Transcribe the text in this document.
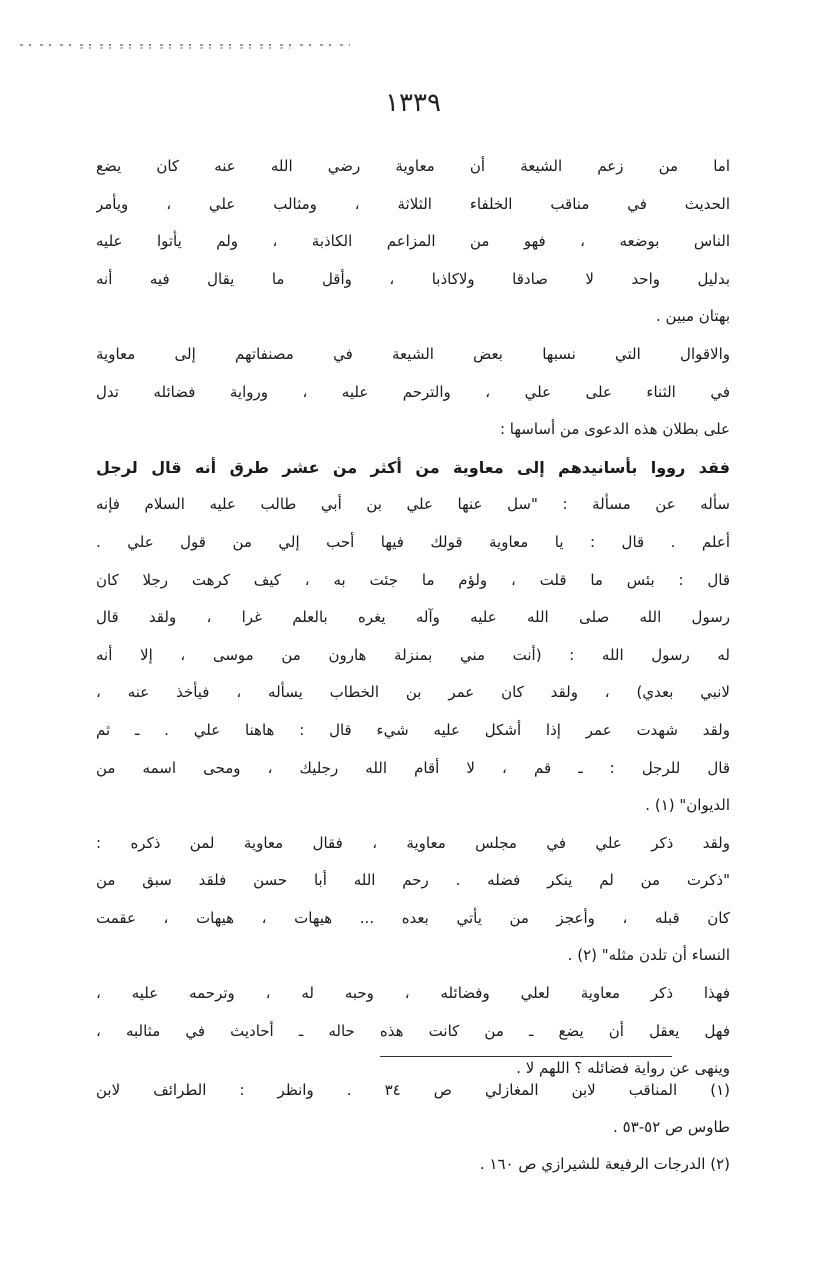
١٣٣٩
اما من زعم الشيعة أن معاوية رضي الله عنه كان يضع
الحديث في مناقب الخلفاء الثلاثة ، ومثالب علي ، ويأمر
الناس بوضعه ، فهو من المزاعم الكاذبة ، ولم يأتوا عليه
بدليل واحد لا صادقا ولاكاذبا ، وأقل ما يقال فيه أنه
بهتان مبين .
والاقوال التي نسبها بعض الشيعة في مصنفاتهم إلى معاوية
في الثناء على علي ، والترحم عليه ، ورواية فضائله تدل
على بطلان هذه الدعوى من أساسها :
فقد رووا بأسانيدهم إلى معاوية من أكثر من عشر طرق أنه قال لرجل
سأله عن مسألة : "سل عنها علي بن أبي طالب عليه السلام فإنه
أعلم . قال : يا معاوية قولك فيها أحب إلي من قول علي .
قال : بئس ما قلت ، ولؤم ما جئت به ، كيف كرهت رجلا كان
رسول الله صلى الله عليه وآله يغره بالعلم غرا ، ولقد قال
له رسول الله : (أنت مني بمنزلة هارون من موسى ، إلا أنه
لانبي بعدي) ، ولقد كان عمر بن الخطاب يسأله ، فيأخذ عنه ،
ولقد شهدت عمر إذا أشكل عليه شيء قال : هاهنا علي . ـ ثم
قال للرجل : ـ قم ، لا أقام الله رجليك ، ومحى اسمه من
الديوان" (١) .
ولقد ذكر علي في مجلس معاوية ، فقال معاوية لمن ذكره :
"ذكرت من لم ينكر فضله . رحم الله أبا حسن فلقد سبق من
كان قبله ، وأعجز من يأتي بعده ... هيهات ، هيهات ، عقمت
النساء أن تلدن مثله" (٢) .
فهذا ذكر معاوية لعلي وفضائله ، وحبه له ، وترحمه عليه ،
فهل يعقل أن يضع ـ من كانت هذه حاله ـ أحاديث في مثالبه ،
وينهى عن رواية فضائله ؟ اللهم لا .
(١) المناقب لابن المغازلي ص ٣٤ . وانظر : الطرائف لابن
طاوس ص ٥٢-٥٣ .
(٢) الدرجات الرفيعة للشيرازي ص ١٦٠ .
